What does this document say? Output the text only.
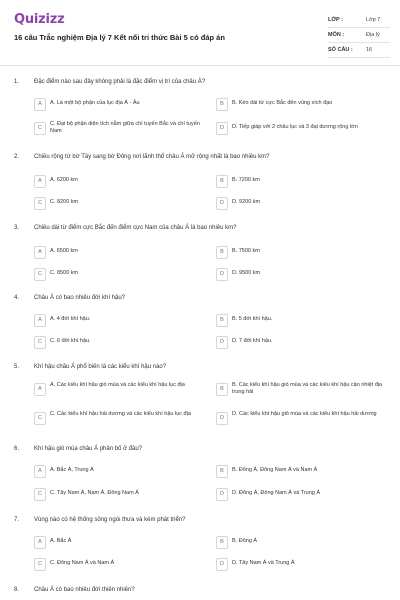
Quizizz
16 câu Trắc nghiệm Địa lý 7 Kết nối tri thức Bài 5 có đáp án
LỚP :	Lớp 7
MÔN :	Địa lý
SỐ CÂU : 16
1. Đặc điểm nào sau đây không phải là đặc điểm vị trí của châu Á?
A	A. Là một bộ phận của lục địa Á - Âu	B	B. Kéo dài từ cực Bắc đến vùng xích đạo
C
C. Đại bộ phận diện tích nằm giữa chí tuyến Bắc và chí tuyến Nam	D	D. Tiếp giáp với 2 châu lục và 3 đại dương rộng lớn
2. Chiều rộng từ bờ Tây sang bờ Đông nơi lãnh thổ châu Á mở rộng nhất là bao nhiêu km?
A	A. 6200 km	B	B. 7200 km
C	C. 8200 km	D	D. 9200 km
3. Chiều dài từ điểm cực Bắc đến điểm cực Nam của châu Á là bao nhiêu km?
A	A. 6500 km	B	B. 7500 km
C	C. 8500 km	D	D. 9500 km
4. Châu Á có bao nhiêu đới khí hậu?
A	A. 4 đới khí hậu.	B	B. 5 đới khí hậu.
C	C. 6 đới khí hậu.	D	D. 7 đới khí hậu.
5. Khí hậu châu Á phổ biến là các kiểu khí hậu nào?
A
A. Các kiểu khí hậu gió mùa và các kiểu khí hậu lục địa
B
B. Các kiểu khí hậu gió mùa và các kiểu khí hậu cận nhiệt địa trung hải
C
C. Các kiểu khí hậu hải dương và các kiểu khí hậu lục địa
D
D. Các kiểu khí hậu gió mùa và các kiểu khí hậu hải dương
6. Khí hậu gió mùa châu Á phân bố ở đâu?
A	A. Bắc Á, Trung Á	B	B. Đông Á, Đông Nam Á và Nam Á
C	C. Tây Nam Á, Nam Á, Đông Nam Á	D	D. Đông Á, Đông Nam Á và Trung Á
7. Vùng nào có hệ thống sông ngòi thưa và kém phát triển?
A	A. Bắc Á	B	B. Đông Á
C	C. Đông Nam Á và Nam Á	D	D. Tây Nam Á và Trung Á
8. Châu Á có bao nhiêu đới thiên nhiên?
